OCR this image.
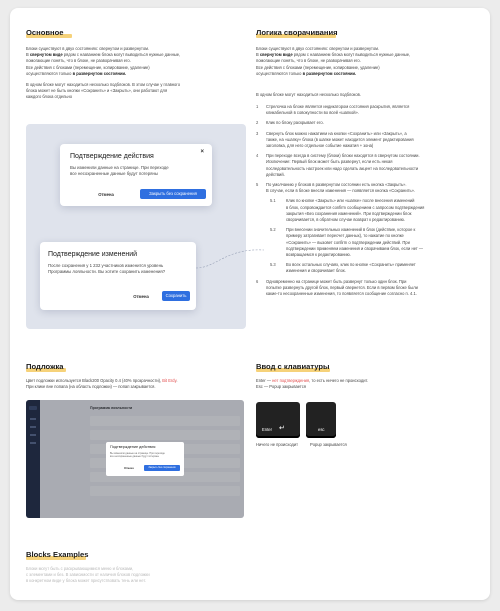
Основное
Блоки существуют в двух состояниях: свернутом и развернутом.
В свернутом виде рядом с названием блока могут выводиться нужные данные,
помогающие понять, что в блоке, не разворачивая его.
Все действия с блоками (перемещение, копирование, удаление)
осуществляются только в развернутом состоянии.
В одном блоке могут находиться несколько подблоков. В этом случае у главного
блока может не быть кнопки «Сохранить» и «Закрыть», они работают для
каждого блока отдельно
Подтверждение действия
×
Вы изменили данные на странице. При переходе
все несохраненные данные будут потеряны
Отмена	Закрыть без сохранения
Подтверждение изменений
После сохранения у 1 232 участников изменится уровень
Программы лояльности. Вы хотите сохранить изменения?
Отмена	Сохранить
Логика сворачивания
Блоки существуют в двух состояниях: свернутом и развернутом.
В свернутом виде рядом с названием блока могут выводиться нужные данные,
помогающие понять, что в блоке, не разворачивая его.
Все действия с блоками (перемещение, копирование, удаление)
осуществляются только в развернутом состоянии.
В одном блоке могут находиться несколько подблоков.
1 Стрелочка на блоке является индикатором состояния раскрытия, является
кликабельной в совокупности во всей «шапкой».
2 Клик по блоку раскрывает его.
3 Свернуть блок можно нажатием на кнопки «Сохранить» или «Закрыть», а
также, на «шапку» блока (в шапке может находится элемент редактирования
заголовка, для него отдельное событие нажатия + зона)
4 При переходе всегда в систему (блоки) блоки находятся в свернутом состоянии.
Исключение: Первый блок может быть развернут, если есть некая
последовательность настроек или надо сделать акцент на последовательности
действий.
5 По умолчанию у блоков в развернутом состоянии есть кнопка «Закрыть».
В случае, если в блоке внесли изменения — появляется кнопка «Сохранить».
5.1	Клик по кнопке «Закрыть» или «шапке» после внесения изменений
в блок, сопровождается confirm сообщением с запросом подтверждения
закрытия «Без сохранения изменений». При подтверждении блок
сворачивается, в обратном случае возврат к редактированию.
5.2	При внесении значительных изменений в блок (действие, которое к
примеру затрагивает пересчет данных), то нажатие по кнопке
«Сохранить» — вызовет confirm о подтверждении действий. При
подтверждении применяем изменения и сворачиваем блок, если нет —
возвращаемся к редактированию.
5.3	Во всех остальных случаях, клик по кнопке «Сохранить» применяет
изменения и сворачивает блок.
6 Одновременно на странице может быть развернут только один блок. При
попытке развернуть другой блок, первый свернется. Если в первом блоке были
какие-то несохраненные изменения, то появляется сообщение согласно п. 4.1.
Подложка
Цвет подложки используется Black200 Opacity 0.4 (40% прозрачности), Bit Erdy.
При клике вне попапа (на область подложки) — попап закрывается.
Программа лояльности
Подтверждение действия
Вы изменили данные на странице. При переходе
все несохраненные данные будут потеряны
Отмена	Закрыть без сохранения
Ввод с клавиатуры
Enter — нет подтверждения, то есть ничего не происходит.
Esc — Popup закрывается
Enter ↵	esc
Ничего не происходит	Popup закрывается
Blocks Examples
Блоки могут быть с раскрывающимися меню и блоками,
с элементами и без. В зависимости от наличия блоков подложки
в конкретном виде у блока может присутствовать тень или нет.
